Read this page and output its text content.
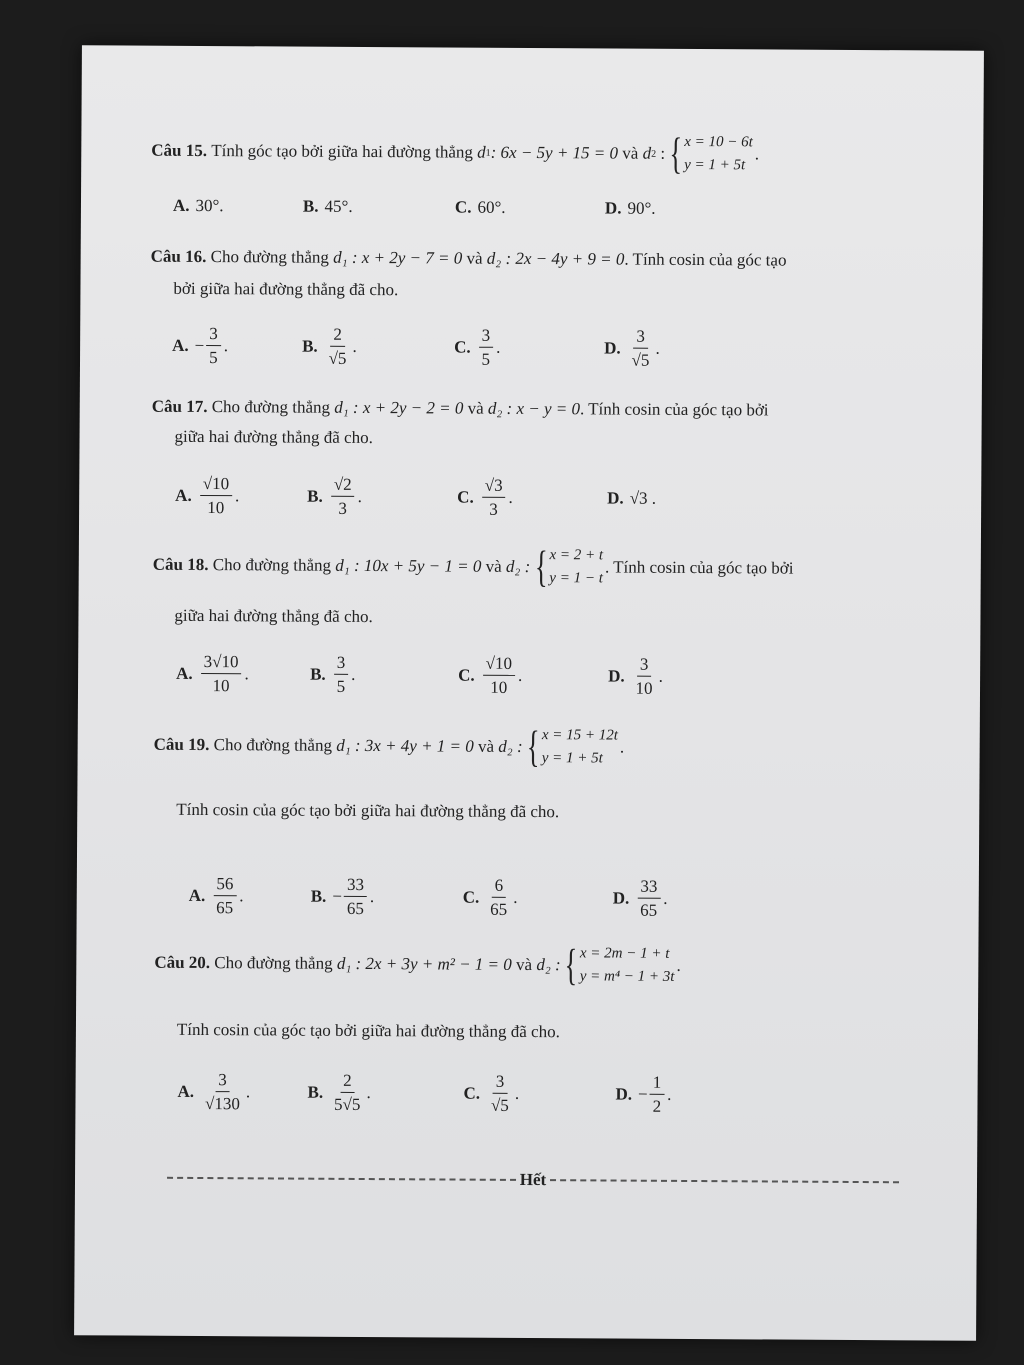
Câu 15.
Tính góc tạo bởi giữa hai đường thẳng
d 1 : 6x − 5y + 15 = 0
và
d 2 : { x = 10 − 6t
y = 1 + 5t
.
A. 30°.	B. 45°.	C. 60°.	D. 90°.
Câu 16.
Cho đường thẳng
d₁ : x + 2y − 7 = 0
và
d₂ : 2x − 4y + 9 = 0 . Tính cosin của góc tạo
bởi giữa hai đường thẳng đã cho.
A. − $\frac{3}{5}$ .	B. $\frac{2}{√5}$ .	C. $\frac{3}{5}$ .	D. $\frac{3}{√5}$ .
Câu 17.
Cho đường thẳng
d₁ : x + 2y − 2 = 0
và
d₂ : x − y = 0 . Tính cosin của góc tạo bởi
giữa hai đường thẳng đã cho.
A. $\frac{√10}{10}$ .	B. $\frac{√2}{3}$ .	C. $\frac{√3}{3}$ .	D. √3 .
Câu 18.
Cho đường thẳng
d₁ : 10x + 5y − 1 = 0
và
d₂ : { x = 2 + t
y = 1 − t
. Tính cosin của góc tạo bởi
giữa hai đường thẳng đã cho.
A. $\frac{3√10}{10}$ .	B. $\frac{3}{5}$ .	C. $\frac{√10}{10}$ .	D. $\frac{3}{10}$ .
Câu 19.
Cho đường thẳng
d₁ : 3x + 4y + 1 = 0
và
d₂ : { x = 15 + 12t
y = 1 + 5t
.
Tính cosin của góc tạo bởi giữa hai đường thẳng đã cho.
A. $\frac{56}{65}$ .	B. − $\frac{33}{65}$ .	C. $\frac{6}{65}$ .	D. $\frac{33}{65}$ .
Câu 20.
Cho đường thẳng
d₁ : 2x + 3y + m² − 1 = 0
và
d₂ : { x = 2m − 1 + t
y = m⁴ − 1 + 3t
.
Tính cosin của góc tạo bởi giữa hai đường thẳng đã cho.
A. $\frac{3}{√130}$ .	B. $\frac{2}{5√5}$ .	C. $\frac{3}{√5}$ .	D. − $\frac{1}{2}$ .
Hết
